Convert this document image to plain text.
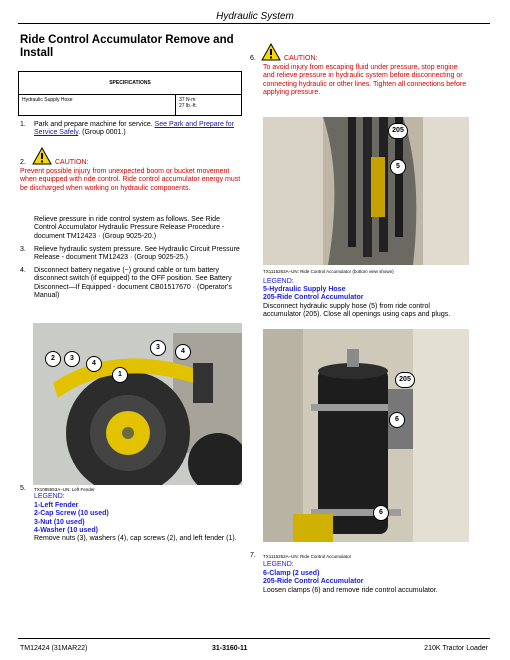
Hydraulic System
Ride Control Accumulator Remove and Install
SPECIFICATIONS
Hydraulic Supply Hose	37 N·m
27 lb.-ft.
1. Park and prepare machine for service. See Park and Prepare for Service Safely. (Group 0001.)
2.	CAUTION:
Prevent possible injury from unexpected boom or bucket movement when equipped with ride control. Ride control accumulator energy must be discharged when working on hydraulic components.
Relieve pressure in ride control system as follows. See Ride Control Accumulator Hydraulic Pressure Release Procedure - document TM12423 · (Group 9025-20.)
3. Relieve hydraulic system pressure. See Hydraulic Circuit Pressure Release - document TM12423 · (Group 9025-25.)
4. Disconnect battery negative (−) ground cable or turn battery disconnect switch (if equipped) to the OFF position. See Battery Disconnect—If Equipped - document CB01517670 · (Operator's Manual)
2	3
4
3
4
1
5. TX1085553A–UN: Left Fender
LEGEND:
1-Left Fender
2-Cap Screw (10 used)
3-Nut (10 used)
4-Washer (10 used)
Remove nuts (3), washers (4), cap screws (2), and left fender (1).
6.	CAUTION:
To avoid injury from escaping fluid under pressure, stop engine and relieve pressure in hydraulic system before disconnecting or connecting hydraulic or other lines. Tighten all connections before applying pressure.
205
5
TX1115263A–UN: Ride Control Accumulator (bottom view shown)
LEGEND:
5-Hydraulic Supply Hose
205-Ride Control Accumulator
Disconnect hydraulic supply hose (5) from ride control accumulator (205). Close all openings using caps and plugs.
205
6
6
7. TX1115262A–UN: Ride Control Accumulator
LEGEND:
6-Clamp (2 used)
205-Ride Control Accumulator
Loosen clamps (6) and remove ride control accumulator.
TM12424 (31MAR22)	31-3160-11	210K Tractor Loader
